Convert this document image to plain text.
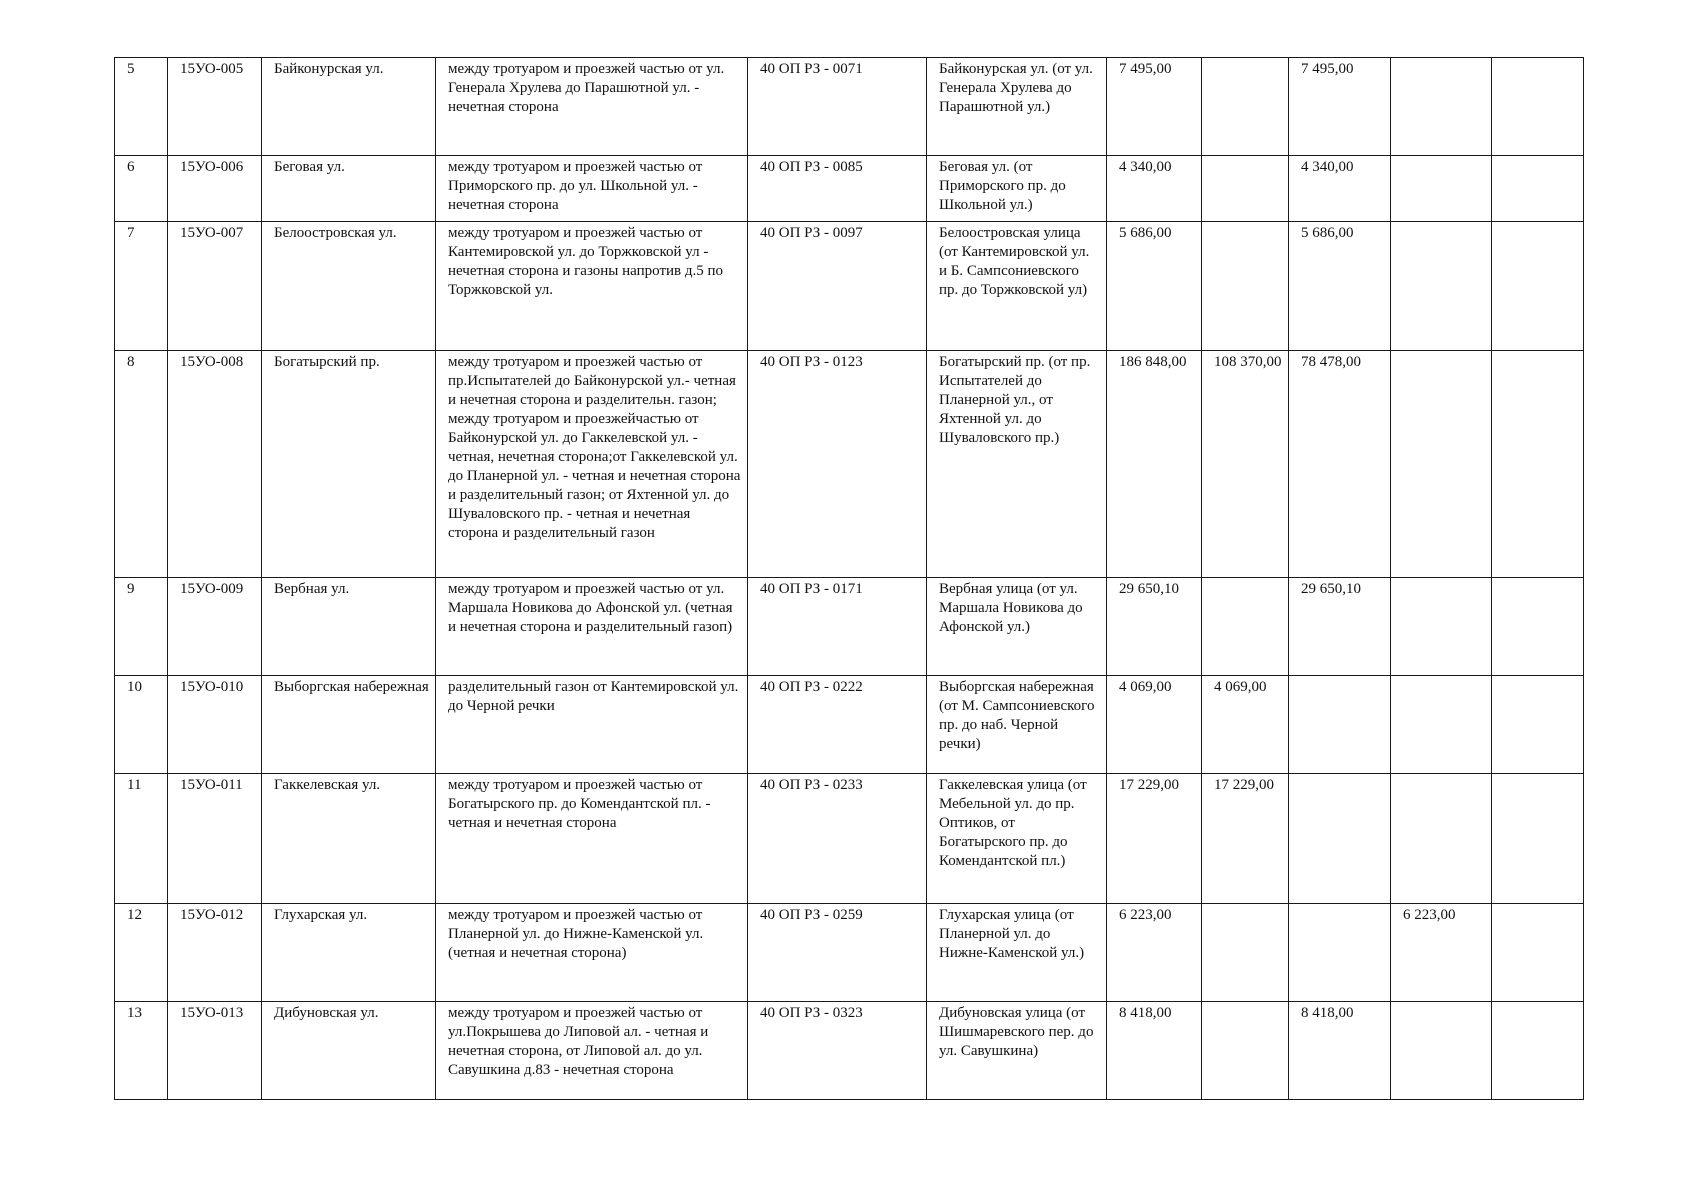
5	15УО-005	Байконурская ул.	между тротуаром и проезжей частью от ул. Генерала Хрулева до Парашютной ул. - нечетная сторона	40 ОП РЗ - 0071	Байконурская ул. (от ул. Генерала Хрулева до Парашютной ул.)	7 495,00		7 495,00		
6	15УО-006	Беговая ул.	между тротуаром и проезжей частью от Приморского пр. до ул. Школьной ул. - нечетная сторона	40 ОП РЗ - 0085	Беговая ул. (от Приморского пр. до Школьной ул.)	4 340,00		4 340,00		
7	15УО-007	Белоостровская ул.	между тротуаром и проезжей частью от Кантемировской ул. до Торжковской ул - нечетная сторона и газоны напротив д.5 по Торжковской ул.	40 ОП РЗ - 0097	Белоостровская улица (от Кантемировской ул. и Б. Сампсониевского пр. до Торжковской ул)	5 686,00		5 686,00		
8	15УО-008	Богатырский пр.	между тротуаром и проезжей частью от пр.Испытателей до Байконурской ул.- четная и нечетная сторона и разделительн. газон; между тротуаром и проезжейчастью от Байконурской ул. до Гаккелевской ул. - четная, нечетная сторона;от Гаккелевской ул. до Планерной ул. - четная и нечетная сторона и разделительный газон; от Яхтенной ул. до Шуваловского пр. - четная и нечетная сторона и разделительный газон	40 ОП РЗ - 0123	Богатырский пр. (от пр. Испытателей до Планерной ул., от Яхтенной ул. до Шуваловского пр.)	186 848,00	108 370,00	78 478,00		
9	15УО-009	Вербная ул.	между тротуаром и проезжей частью от ул. Маршала Новикова до Афонской ул. (четная и нечетная сторона и разделительный газоп)	40 ОП РЗ - 0171	Вербная улица (от ул. Маршала Новикова до Афонской ул.)	29 650,10		29 650,10		
10	15УО-010	Выборгская набережная	разделительный газон от Кантемировской ул. до Черной речки	40 ОП РЗ - 0222	Выборгская набережная (от М. Сампсониевского пр. до наб. Черной речки)	4 069,00	4 069,00			
11	15УО-011	Гаккелевская ул.	между тротуаром и проезжей частью от Богатырского пр. до Комендантской пл. - четная и нечетная сторона	40 ОП РЗ - 0233	Гаккелевская улица (от Мебельной ул. до пр. Оптиков, от Богатырского пр. до Комендантской пл.)	17 229,00	17 229,00			
12	15УО-012	Глухарская ул.	между тротуаром и проезжей частью от Планерной ул. до Нижне-Каменской ул. (четная и нечетная сторона)	40 ОП РЗ - 0259	Глухарская улица (от Планерной ул. до Нижне-Каменской ул.)	6 223,00			6 223,00	
13	15УО-013	Дибуновская ул.	между тротуаром и проезжей частью от ул.Покрышева до Липовой ал. - четная и нечетная сторона, от Липовой ал. до ул. Савушкина д.83 - нечетная сторона	40 ОП РЗ - 0323	Дибуновская улица (от Шишмаревского пер. до ул. Савушкина)	8 418,00		8 418,00		
